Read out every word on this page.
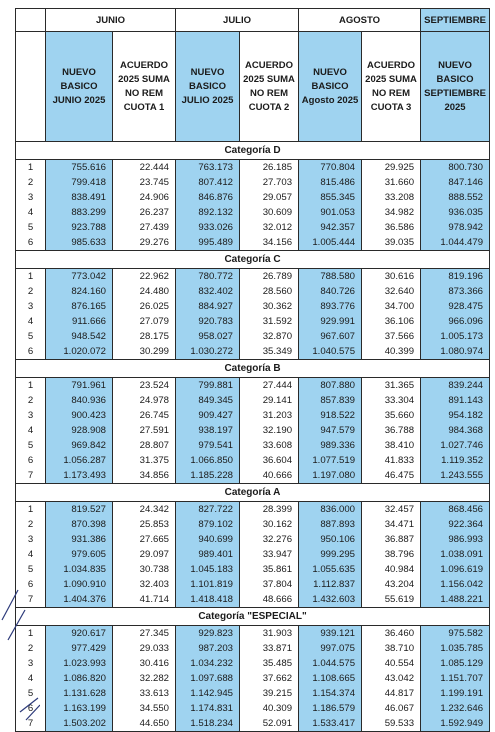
	JUNIO		JULIO		AGOSTO		SEPTIEMBRE
	NUEVO BASICO JUNIO 2025	ACUERDO 2025 SUMA NO REM CUOTA 1	NUEVO BASICO JULIO 2025	ACUERDO 2025 SUMA NO REM CUOTA 2	NUEVO BASICO Agosto 2025	ACUERDO 2025 SUMA NO REM CUOTA 3	NUEVO BASICO SEPTIEMBRE 2025
Categoría D							
1	755.616	22.444	763.173	26.185	770.804	29.925	800.730
2	799.418	23.745	807.412	27.703	815.486	31.660	847.146
3	838.491	24.906	846.876	29.057	855.345	33.208	888.552
4	883.299	26.237	892.132	30.609	901.053	34.982	936.035
5	923.788	27.439	933.026	32.012	942.357	36.586	978.942
6	985.633	29.276	995.489	34.156	1.005.444	39.035	1.044.479
Categoría C							
1	773.042	22.962	780.772	26.789	788.580	30.616	819.196
2	824.160	24.480	832.402	28.560	840.726	32.640	873.366
3	876.165	26.025	884.927	30.362	893.776	34.700	928.475
4	911.666	27.079	920.783	31.592	929.991	36.106	966.096
5	948.542	28.175	958.027	32.870	967.607	37.566	1.005.173
6	1.020.072	30.299	1.030.272	35.349	1.040.575	40.399	1.080.974
Categoría B							
1	791.961	23.524	799.881	27.444	807.880	31.365	839.244
2	840.936	24.978	849.345	29.141	857.839	33.304	891.143
3	900.423	26.745	909.427	31.203	918.522	35.660	954.182
4	928.908	27.591	938.197	32.190	947.579	36.788	984.368
5	969.842	28.807	979.541	33.608	989.336	38.410	1.027.746
6	1.056.287	31.375	1.066.850	36.604	1.077.519	41.833	1.119.352
7	1.173.493	34.856	1.185.228	40.666	1.197.080	46.475	1.243.555
Categoría A							
1	819.527	24.342	827.722	28.399	836.000	32.457	868.456
2	870.398	25.853	879.102	30.162	887.893	34.471	922.364
3	931.386	27.665	940.699	32.276	950.106	36.887	986.993
4	979.605	29.097	989.401	33.947	999.295	38.796	1.038.091
5	1.034.835	30.738	1.045.183	35.861	1.055.635	40.984	1.096.619
6	1.090.910	32.403	1.101.819	37.804	1.112.837	43.204	1.156.042
7	1.404.376	41.714	1.418.418	48.666	1.432.603	55.619	1.488.221
Categoría "ESPECIAL"							
1	920.617	27.345	929.823	31.903	939.121	36.460	975.582
2	977.429	29.033	987.203	33.871	997.075	38.710	1.035.785
3	1.023.993	30.416	1.034.232	35.485	1.044.575	40.554	1.085.129
4	1.086.820	32.282	1.097.688	37.662	1.108.665	43.042	1.151.707
5	1.131.628	33.613	1.142.945	39.215	1.154.374	44.817	1.199.191
6	1.163.199	34.550	1.174.831	40.309	1.186.579	46.067	1.232.646
7	1.503.202	44.650	1.518.234	52.091	1.533.417	59.533	1.592.949
